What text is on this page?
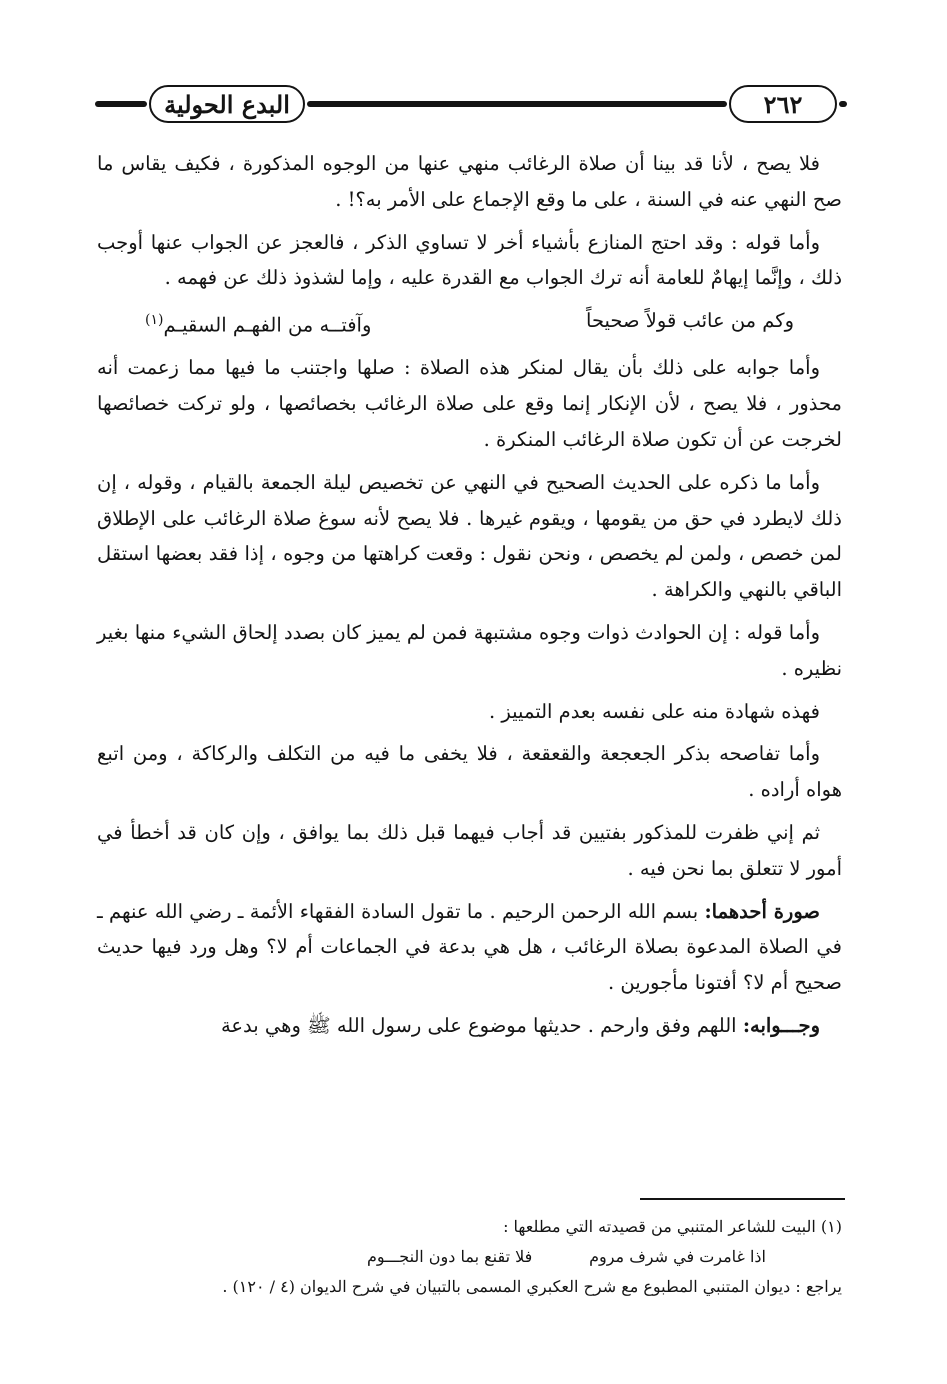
البدع الحولية	٢٦٢

فلا يصح ، لأنا قد بينا أن صلاة الرغائب منهي عنها من الوجوه المذكورة ، فكيف يقاس ما صح النهي عنه في السنة ، على ما وقع الإجماع على الأمر به؟! .

وأما قوله : وقد احتج المنازع بأشياء أخر لا تساوي الذكر ، فالعجز عن الجواب عنها أوجب ذلك ، وإنَّما إيهامٌ للعامة أنه ترك الجواب مع القدرة عليه ، وإما لشذوذ ذلك عن فهمه .

وكم من عائب قولاً صحيحاً
وآفتــه من الفهـم السقيـم$^{(١)}$

وأما جوابه على ذلك بأن يقال لمنكر هذه الصلاة : صلها واجتنب ما فيها مما زعمت أنه محذور ، فلا يصح ، لأن الإنكار إنما وقع على صلاة الرغائب بخصائصها ، ولو تركت خصائصها لخرجت عن أن تكون صلاة الرغائب المنكرة .

وأما ما ذكره على الحديث الصحيح في النهي عن تخصيص ليلة الجمعة بالقيام ، وقوله ، إن ذلك لايطرد في حق من يقومها ، ويقوم غيرها . فلا يصح لأنه سوغ صلاة الرغائب على الإطلاق لمن خصص ، ولمن لم يخصص ، ونحن نقول : وقعت كراهتها من وجوه ، إذا فقد بعضها استقل الباقي بالنهي والكراهة .

وأما قوله : إن الحوادث ذوات وجوه مشتبهة فمن لم يميز كان بصدد إلحاق الشيء منها بغير نظيره .

فهذه شهادة منه على نفسه بعدم التمييز .

وأما تفاصحه بذكر الجعجعة والقعقعة ، فلا يخفى ما فيه من التكلف والركاكة ، ومن اتبع هواه أراده .

ثم إني ظفرت للمذكور بفتيين قد أجاب فيهما قبل ذلك بما يوافق ، وإن كان قد أخطأ في أمور لا تتعلق بما نحن فيه .

صورة أحدهما: بسم الله الرحمن الرحيم . ما تقول السادة الفقهاء الأئمة ـ رضي الله عنهم ـ في الصلاة المدعوة بصلاة الرغائب ، هل هي بدعة في الجماعات أم لا؟ وهل ورد فيها حديث صحيح أم لا؟ أفتونا مأجورين .

وجـــوابه: اللهم وفق وارحم . حديثها موضوع على رسول الله ﷺ وهي بدعة

(١) البيت للشاعر المتنبي من قصيدته التي مطلعها :
اذا غامرت في شرف مروم
فلا تقنع بما دون النجـــوم
يراجع : ديوان المتنبي المطبوع مع شرح العكبري المسمى بالتبيان في شرح الديوان (٤ / ١٢٠) .
